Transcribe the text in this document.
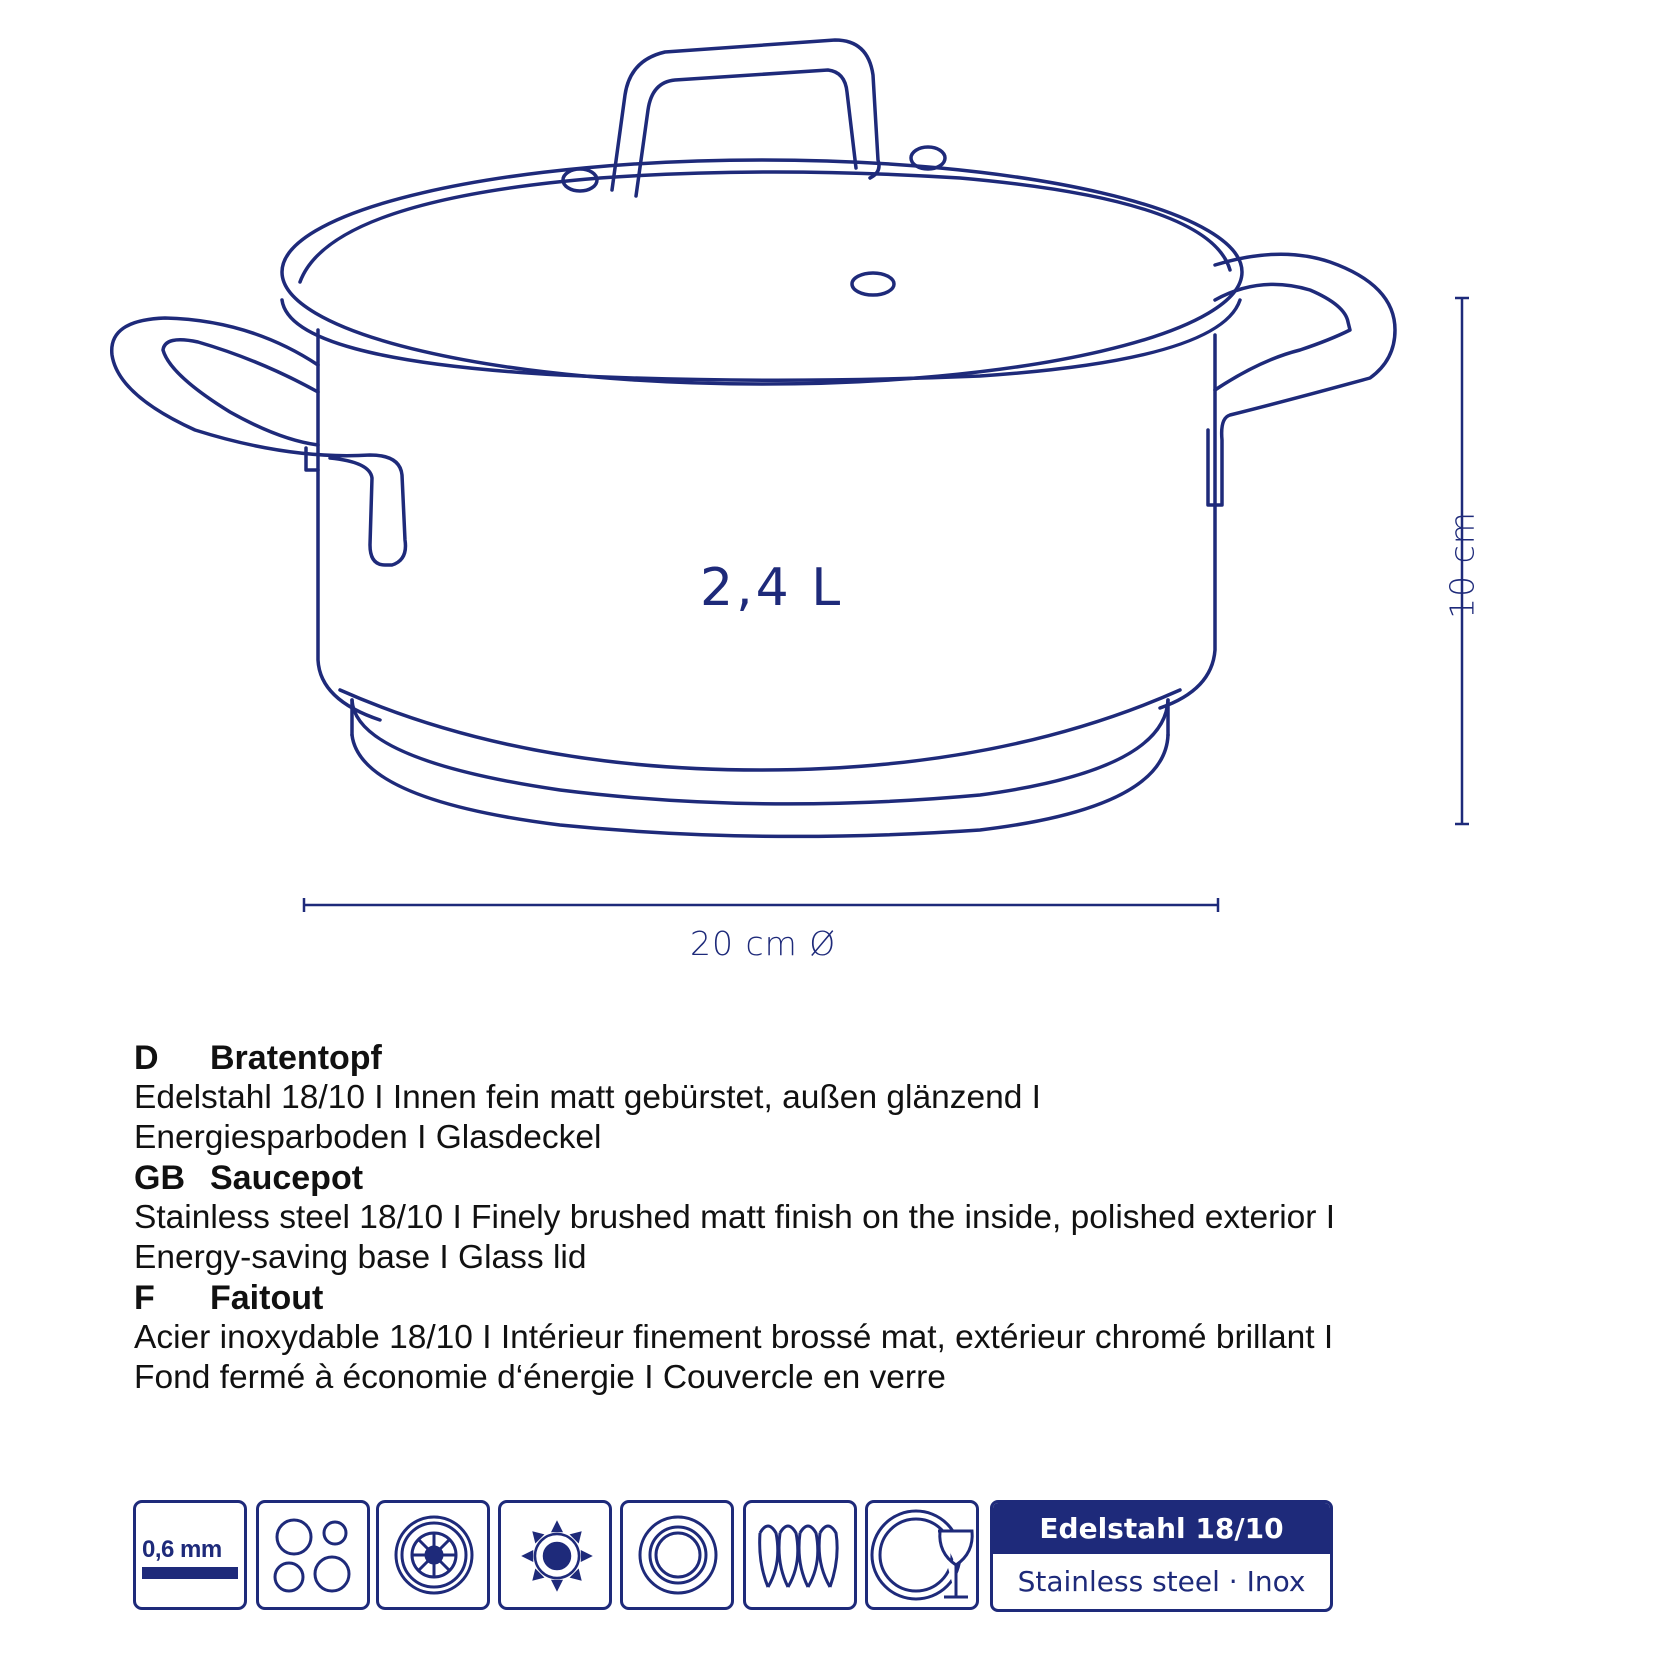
2,4 L
20 cm Ø
10 cm
D	Bratentopf
Edelstahl 18/10 I Innen fein matt gebürstet, außen glänzend I
Energiesparboden I Glasdeckel
GB Saucepot
Stainless steel 18/10 I Finely brushed matt finish on the inside, polished exterior I
Energy-saving base I Glass lid
F	Faitout
Acier inoxydable 18/10 I Intérieur finement brossé mat, extérieur chromé brillant I
Fond fermé à économie d‘énergie I Couvercle en verre
0,6 mm
Edelstahl 18/10
Stainless steel · Inox
